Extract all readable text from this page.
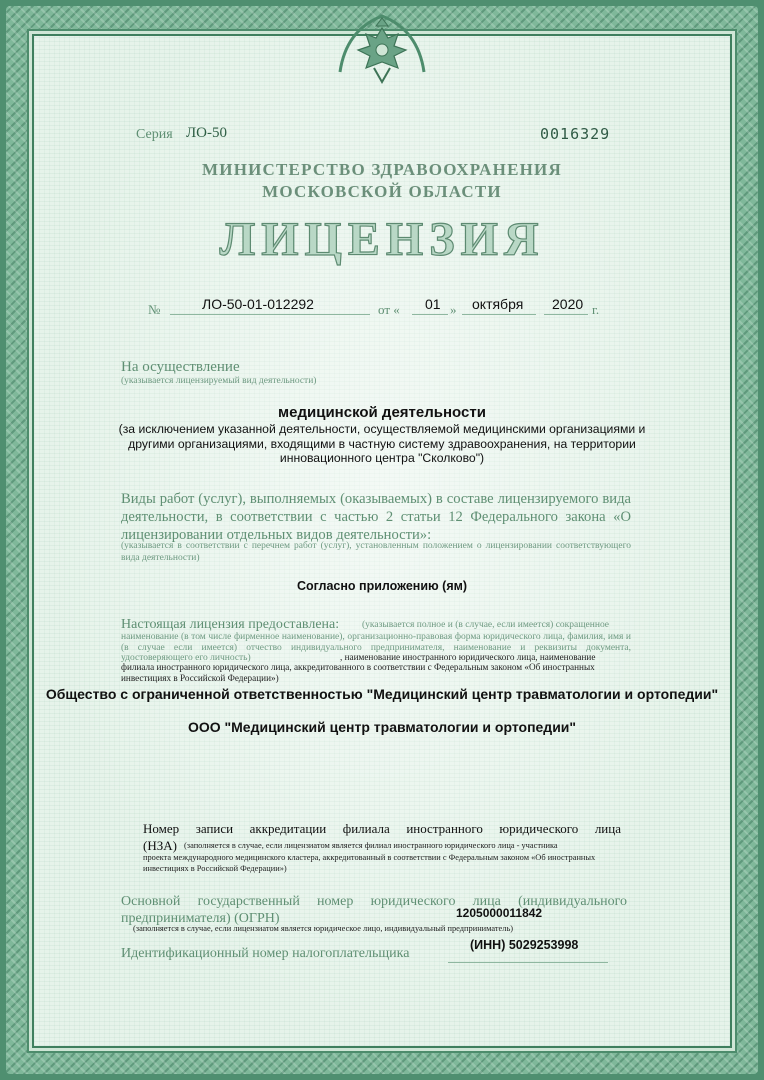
Серия ЛО-50	0016329
МИНИСТЕРСТВО ЗДРАВООХРАНЕНИЯ
МОСКОВСКОЙ ОБЛАСТИ
ЛИЦЕНЗИЯ
№	ЛО-50-01-012292	от « 01 » октября 2020 г.
На осуществление
(указывается лицензируемый вид деятельности)
медицинской деятельности
(за исключением указанной деятельности, осуществляемой медицинскими организациями и другими организациями, входящими в частную систему здравоохранения, на территории инновационного центра "Сколково")
Виды работ (услуг), выполняемых (оказываемых) в составе лицензируемого вида деятельности, в соответствии с частью 2 статьи 12 Федерального закона «О лицензировании отдельных видов деятельности»:
(указывается в соответствии с перечнем работ (услуг), установленным положением о лицензировании соответствующего вида деятельности)
Согласно приложению (ям)
Настоящая лицензия предоставлена: (указывается полное и (в случае, если имеется) сокращенное
наименование (в том числе фирменное наименование), организационно-правовая форма юридического лица, фамилия, имя и (в случае если имеется) отчество индивидуального предпринимателя, наименование и реквизиты документа, удостоверяющего его личность)	, наименование иностранного юридического лица, наименование
филиала иностранного юридического лица, аккредитованного в соответствии с Федеральным законом «Об иностранных инвестициях в Российской Федерации»)
Общество с ограниченной ответственностью "Медицинский центр травматологии и ортопедии"
ООО "Медицинский центр травматологии и ортопедии"
Номер записи аккредитации филиала иностранного юридического лица
(НЗА) (заполняется в случае, если лицензиатом является филиал иностранного юридического лица - участника
проекта международного медицинского кластера, аккредитованный в соответствии с Федеральным законом «Об иностранных инвестициях в Российской Федерации»)
Основной государственный номер юридического лица (индивидуального
предпринимателя) (ОГРН)	1205000011842
(заполняется в случае, если лицензиатом является юридическое лицо, индивидуальный предприниматель)
Идентификационный номер налогоплательщика
(ИНН) 5029253998
